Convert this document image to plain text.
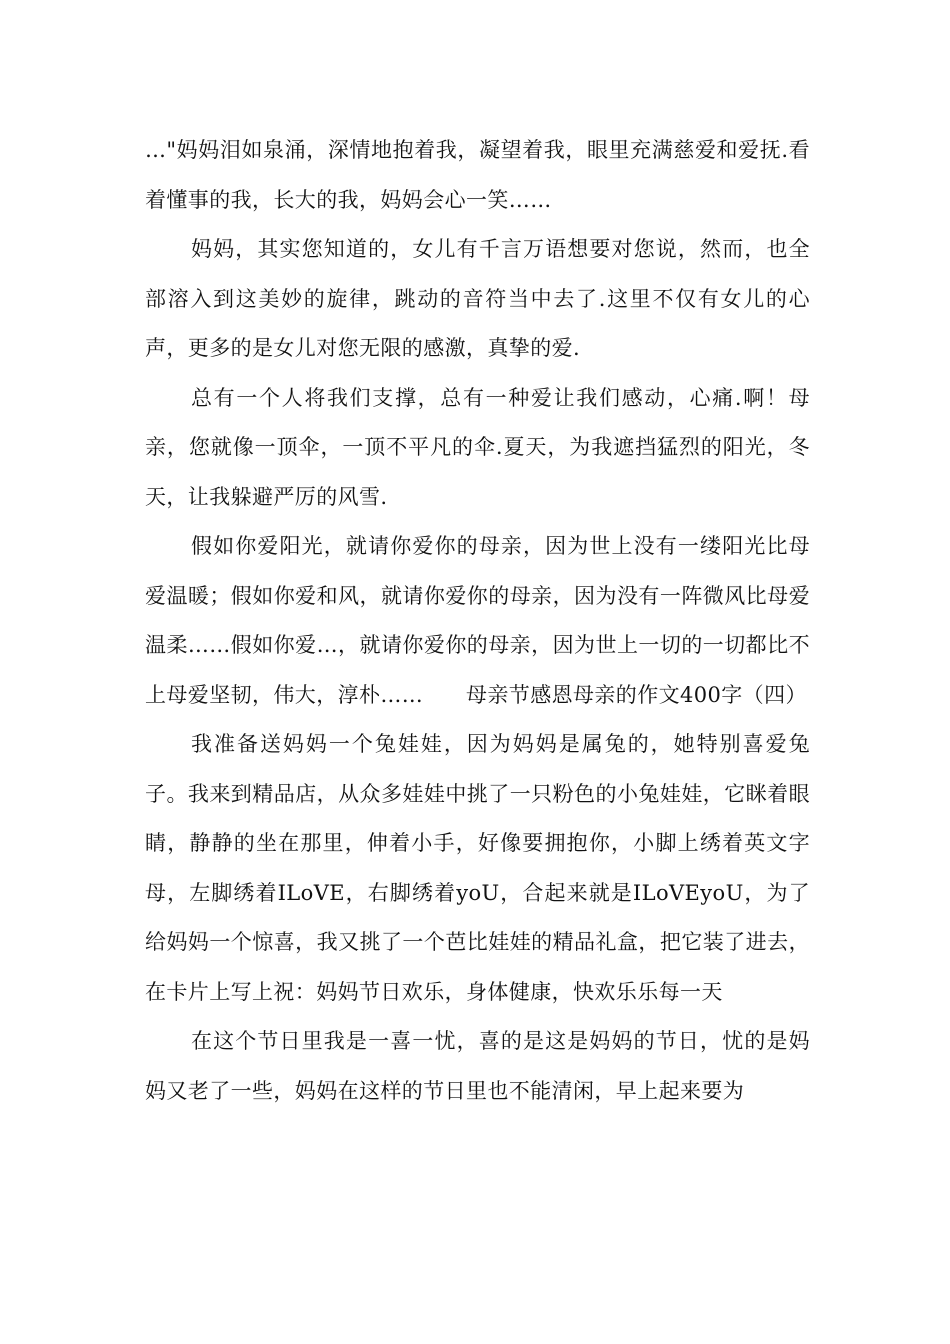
…"妈妈泪如泉涌，深情地抱着我，凝望着我，眼里充满慈爱和爱抚.看着懂事的我，长大的我，妈妈会心一笑……

妈妈，其实您知道的，女儿有千言万语想要对您说，然而，也全部溶入到这美妙的旋律，跳动的音符当中去了.这里不仅有女儿的心声，更多的是女儿对您无限的感激，真挚的爱.

总有一个人将我们支撑，总有一种爱让我们感动，心痛.啊！母亲，您就像一顶伞，一顶不平凡的伞.夏天，为我遮挡猛烈的阳光，冬天，让我躲避严厉的风雪.

假如你爱阳光，就请你爱你的母亲，因为世上没有一缕阳光比母爱温暖；假如你爱和风，就请你爱你的母亲，因为没有一阵微风比母爱温柔……假如你爱…，就请你爱你的母亲，因为世上一切的一切都比不上母爱坚韧，伟大，淳朴……　　母亲节感恩母亲的作文400字（四）

我准备送妈妈一个兔娃娃，因为妈妈是属兔的，她特别喜爱兔子。我来到精品店，从众多娃娃中挑了一只粉色的小兔娃娃，它眯着眼睛，静静的坐在那里，伸着小手，好像要拥抱你，小脚上绣着英文字母，左脚绣着ILoVE，右脚绣着yoU，合起来就是ILoVEyoU，为了给妈妈一个惊喜，我又挑了一个芭比娃娃的精品礼盒，把它装了进去，在卡片上写上祝：妈妈节日欢乐，身体健康，快欢乐乐每一天

在这个节日里我是一喜一忧，喜的是这是妈妈的节日，忧的是妈妈又老了一些，妈妈在这样的节日里也不能清闲，早上起来要为
